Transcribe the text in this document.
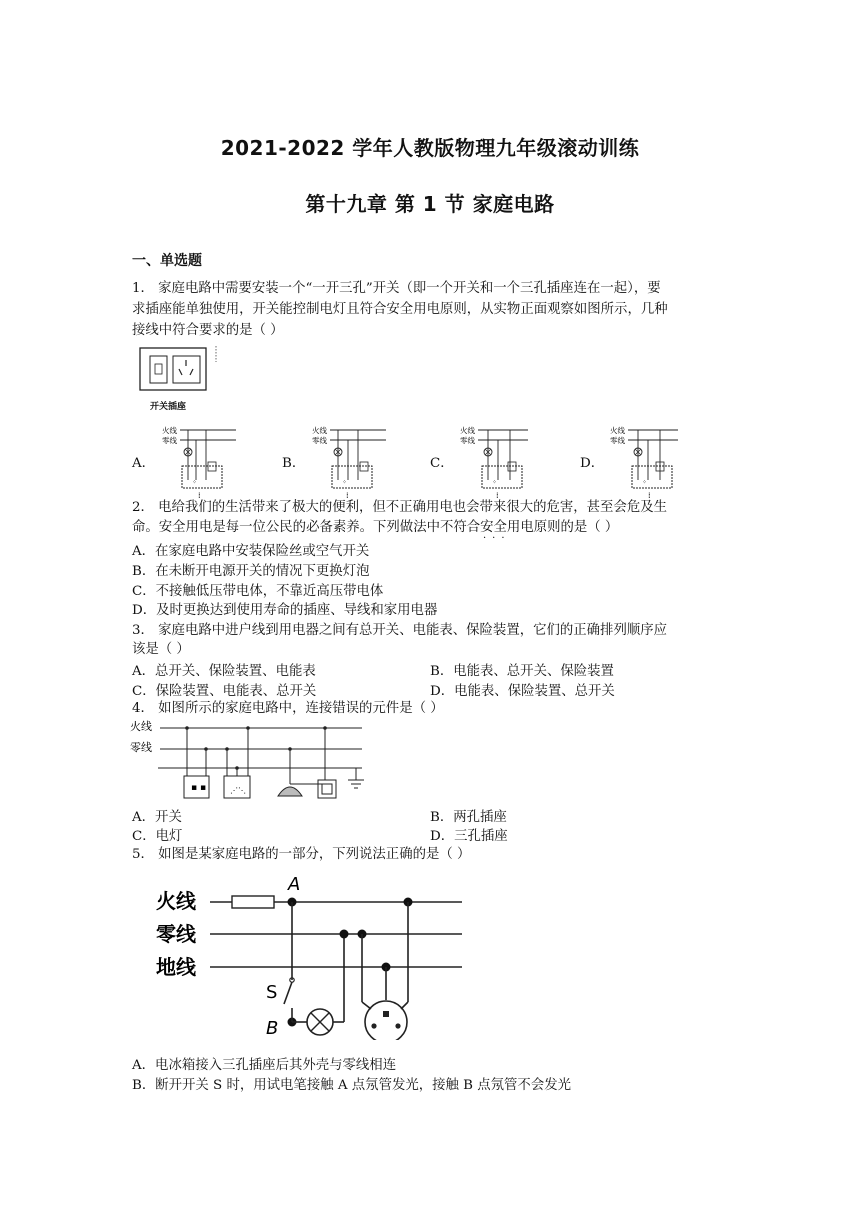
2021-2022 学年人教版物理九年级滚动训练
第十九章 第 1 节 家庭电路
一、单选题
1． 家庭电路中需要安装一个“一开三孔”开关（即一个开关和一个三孔插座连在一起），要
求插座能单独使用，开关能控制电灯且符合安全用电原则，从实物正面观察如图所示，几种
接线中符合要求的是（ ）
开关插座
A．	B．	C．	D．
火线
零线
⁘
⁞
火线
零线
⁘
⁞
火线
零线
⁘
⁞
火线
零线
⁘
⁞
2． 电给我们的生活带来了极大的便利，但不正确用电也会带来很大的危害，甚至会危及生
命。安全用电是每一位公民的必备素养。下列做法中不符合安全用电原则的是（ ）
···
A．在家庭电路中安装保险丝或空气开关
B．在未断开电源开关的情况下更换灯泡
C．不接触低压带电体，不靠近高压带电体
D．及时更换达到使用寿命的插座、导线和家用电器
3． 家庭电路中进户线到用电器之间有总开关、电能表、保险装置，它们的正确排列顺序应
该是（ ）
A．总开关、保险装置、电能表	B．电能表、总开关、保险装置
C．保险装置、电能表、总开关	D．电能表、保险装置、总开关
4． 如图所示的家庭电路中，连接错误的元件是（ ）
火线
零线
▪ ▪	⋰⋱
A．开关	B．两孔插座
C．电灯	D．三孔插座
5． 如图是某家庭电路的一部分，下列说法正确的是（ ）
火线
零线
地线
A
S
B
A．电冰箱接入三孔插座后其外壳与零线相连
B．断开开关 S 时，用试电笔接触 A 点氖管发光，接触 B 点氖管不会发光
